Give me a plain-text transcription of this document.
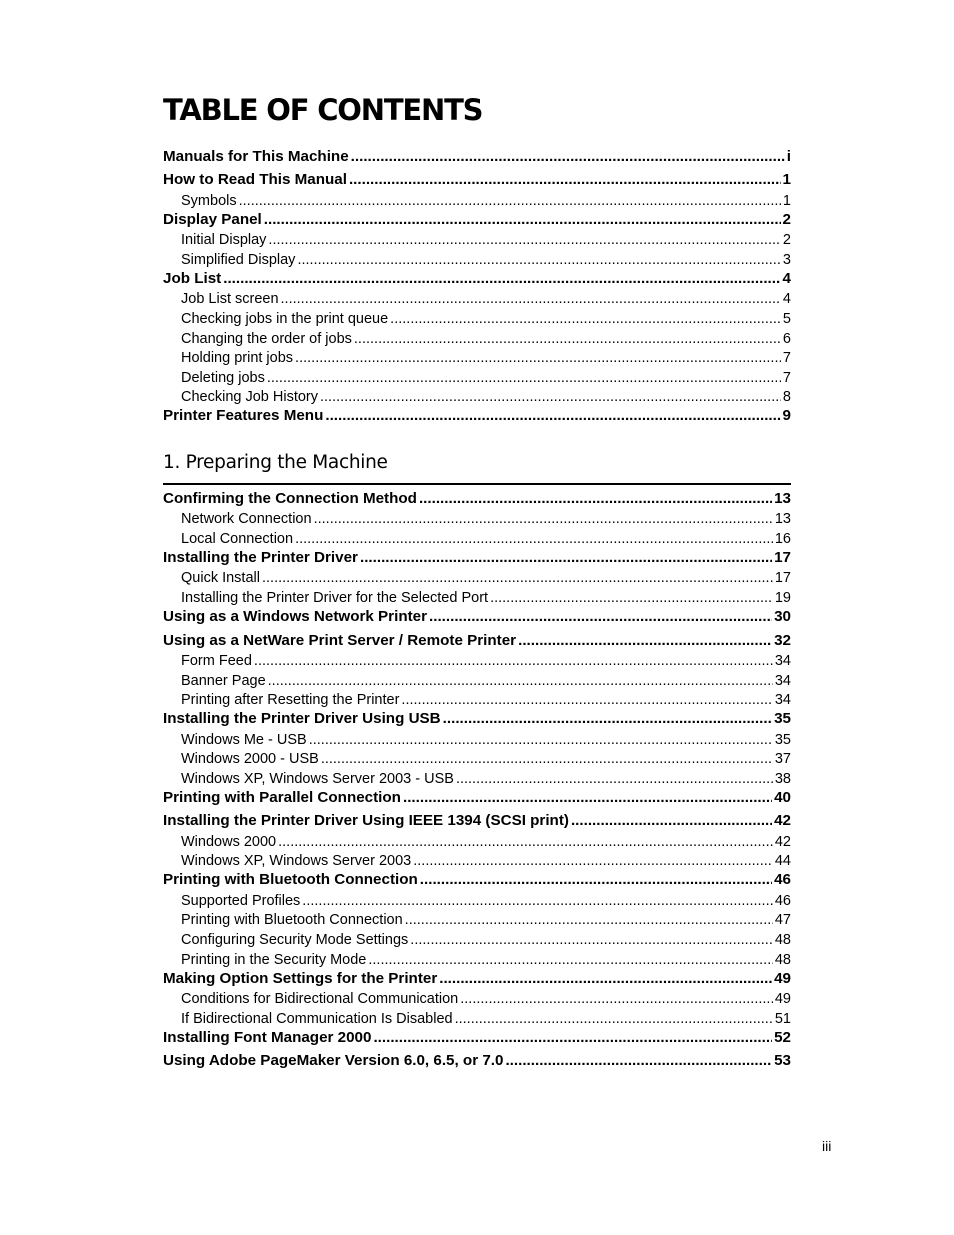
TABLE OF CONTENTS
Manuals for This Machine .....	i
How to Read This Manual .....	1
Symbols .....	1
Display Panel .....	2
Initial Display .....	2
Simplified Display .....	3
Job List .....	4
Job List screen .....	4
Checking jobs in the print queue .....	5
Changing the order of jobs .....	6
Holding print jobs .....	7
Deleting jobs .....	7
Checking Job History .....	8
Printer Features Menu .....	9
1. Preparing the Machine
Confirming the Connection Method .....	13
Network Connection .....	13
Local Connection .....	16
Installing the Printer Driver .....	17
Quick Install .....	17
Installing the Printer Driver for the Selected Port .....	19
Using as a Windows Network Printer .....	30
Using as a NetWare Print Server / Remote Printer .....	32
Form Feed .....	34
Banner Page .....	34
Printing after Resetting the Printer .....	34
Installing the Printer Driver Using USB .....	35
Windows Me - USB .....	35
Windows 2000 - USB .....	37
Windows XP, Windows Server 2003 - USB .....	38
Printing with Parallel Connection .....	40
Installing the Printer Driver Using IEEE 1394 (SCSI print) .....	42
Windows 2000 .....	42
Windows XP, Windows Server 2003 .....	44
Printing with Bluetooth Connection .....	46
Supported Profiles .....	46
Printing with Bluetooth Connection .....	47
Configuring Security Mode Settings .....	48
Printing in the Security Mode .....	48
Making Option Settings for the Printer .....	49
Conditions for Bidirectional Communication .....	49
If Bidirectional Communication Is Disabled .....	51
Installing Font Manager 2000 .....	52
Using Adobe PageMaker Version 6.0, 6.5, or 7.0 .....	53
iii
